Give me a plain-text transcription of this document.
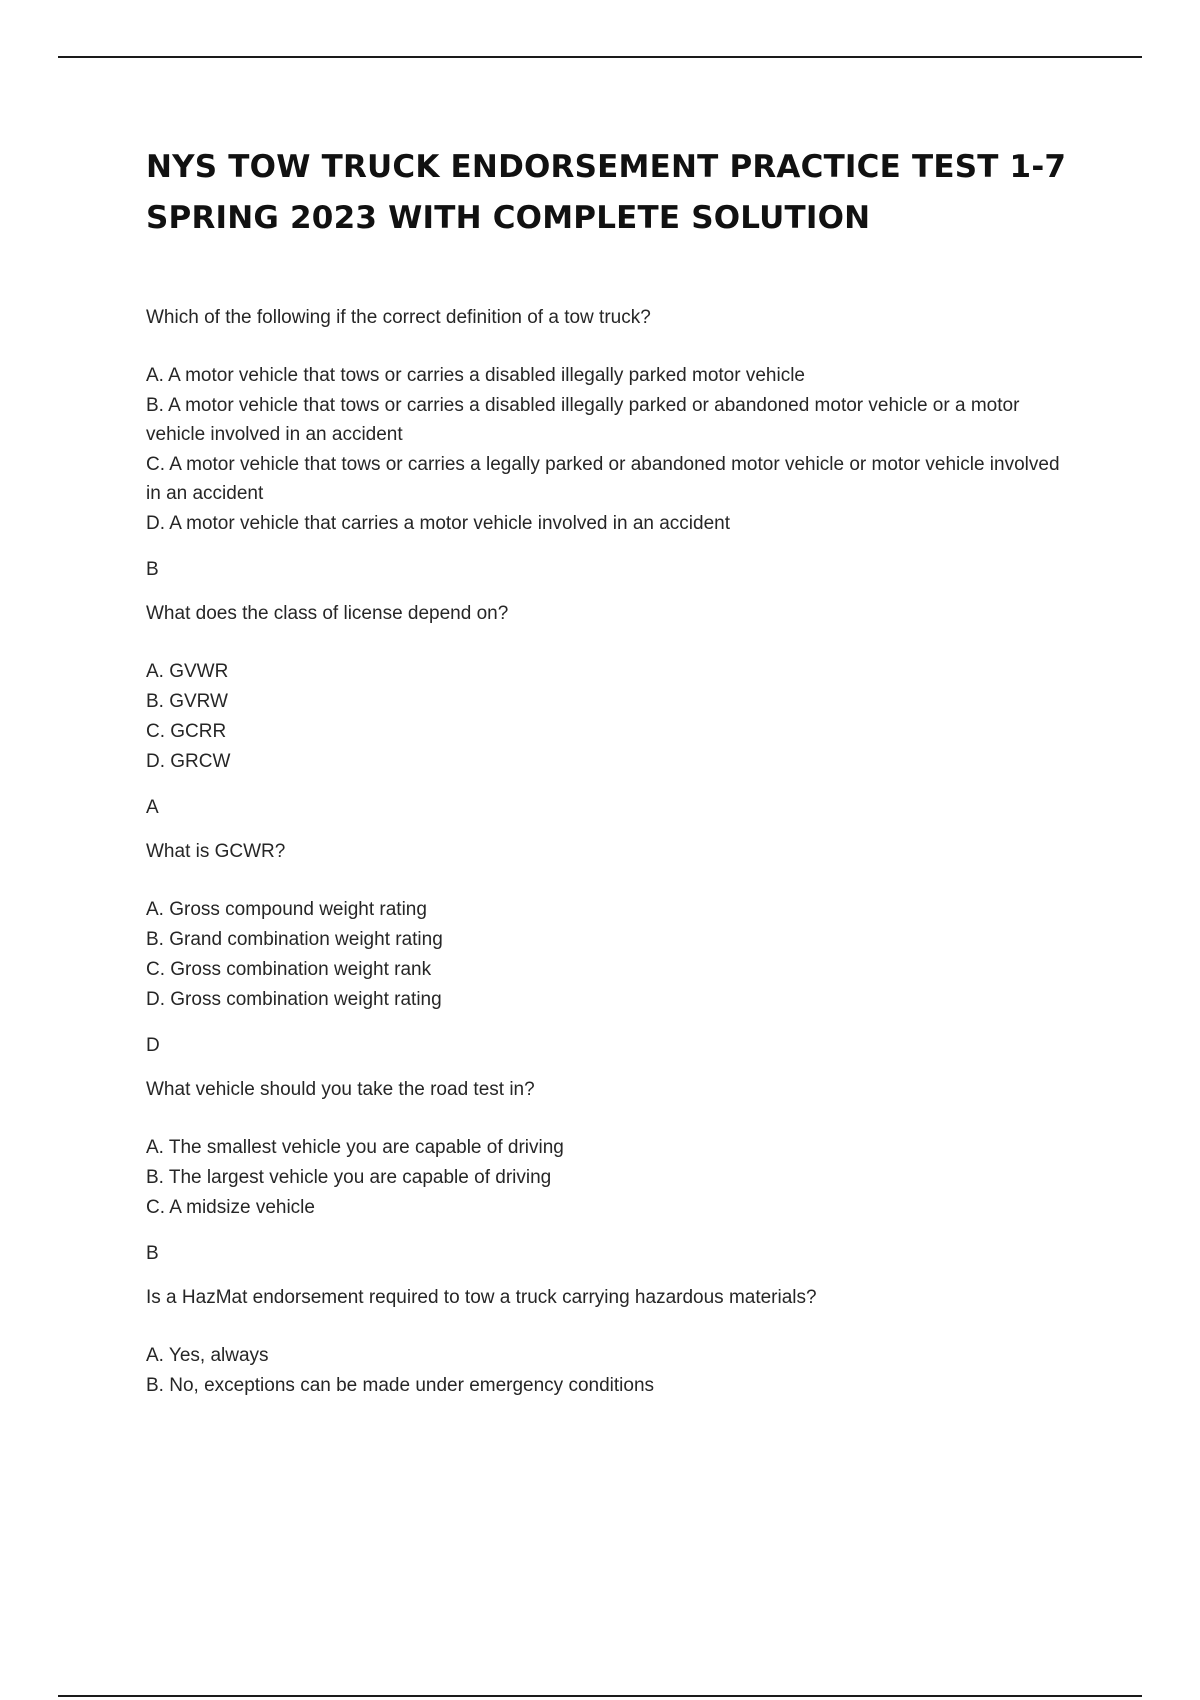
NYS TOW TRUCK ENDORSEMENT PRACTICE TEST 1-7 SPRING 2023 WITH COMPLETE SOLUTION

Which of the following if the correct definition of a tow truck?

A. A motor vehicle that tows or carries a disabled illegally parked motor vehicle
B. A motor vehicle that tows or carries a disabled illegally parked or abandoned motor vehicle or a motor vehicle involved in an accident
C. A motor vehicle that tows or carries a legally parked or abandoned motor vehicle or motor vehicle involved in an accident
D. A motor vehicle that carries a motor vehicle involved in an accident

B

What does the class of license depend on?

A. GVWR
B. GVRW
C. GCRR
D. GRCW

A

What is GCWR?

A. Gross compound weight rating
B. Grand combination weight rating
C. Gross combination weight rank
D. Gross combination weight rating

D

What vehicle should you take the road test in?

A. The smallest vehicle you are capable of driving
B. The largest vehicle you are capable of driving
C. A midsize vehicle

B

Is a HazMat endorsement required to tow a truck carrying hazardous materials?

A. Yes, always
B. No, exceptions can be made under emergency conditions
